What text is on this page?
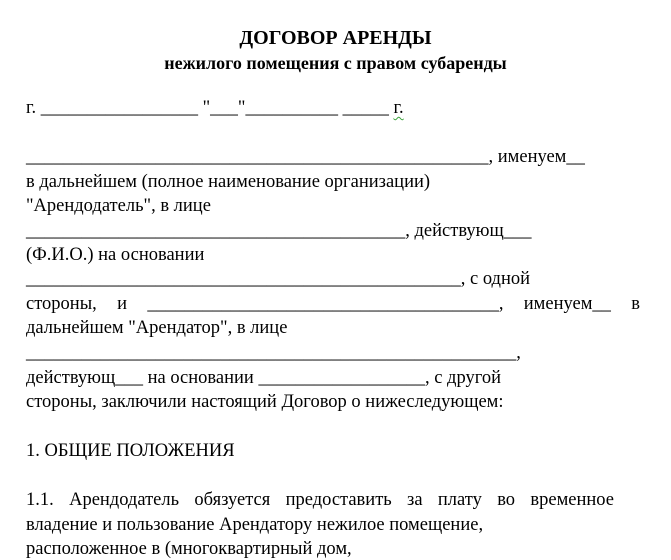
ДОГОВОР АРЕНДЫ
нежилого помещения с правом субаренды
г. _________________ "___"__________ _____ г.
__________________________________________________, именуем__
в дальнейшем (полное наименование организации)
"Арендодатель", в лице
_________________________________________, действующ___
(Ф.И.О.) на основании
_______________________________________________, с одной
стороны, и ______________________________________, именуем__ в
дальнейшем "Арендатор", в лице
_____________________________________________________,
действующ___ на основании __________________, с другой
стороны, заключили настоящий Договор о нижеследующем:
1. ОБЩИЕ ПОЛОЖЕНИЯ
1.1. Арендодатель обязуется предоставить за плату во временное
владение и пользование Арендатору нежилое помещение,
расположенное в (многоквартирный дом,
